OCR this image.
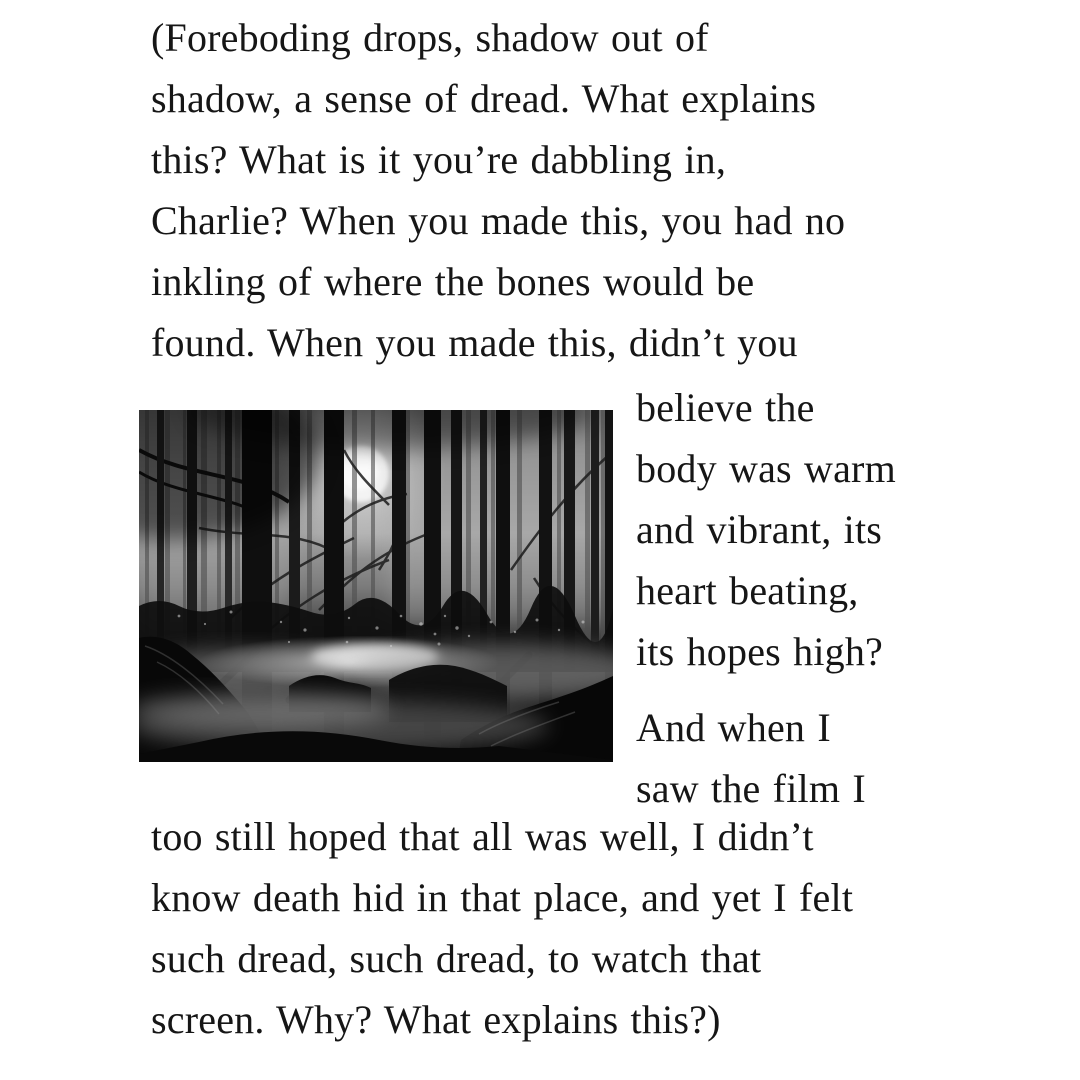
(Foreboding drops, shadow out of
shadow, a sense of dread. What explains
this? What is it you’re dabbling in,
Charlie? When you made this, you had no
inkling of where the bones would be
found. When you made this, didn’t you
believe the
body was warm
and vibrant, its
heart beating,
its hopes high?
And when I
saw the film I
too still hoped that all was well, I didn’t
know death hid in that place, and yet I felt
such dread, such dread, to watch that
screen. Why? What explains this?)
